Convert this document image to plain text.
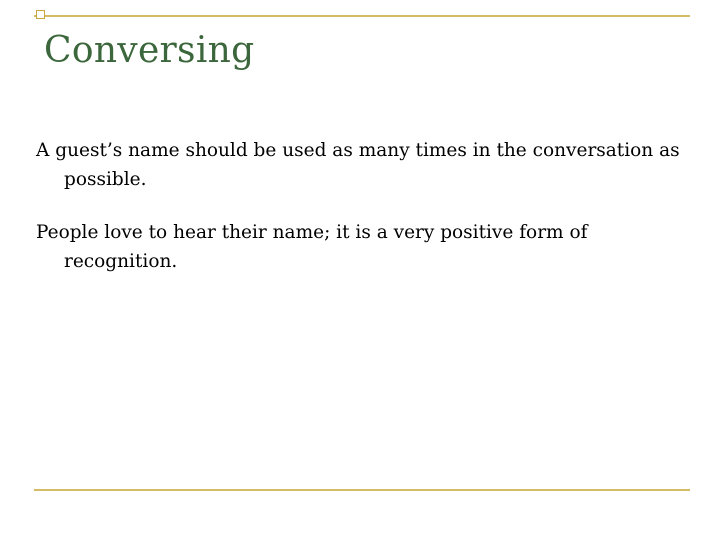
Conversing

A guest’s name should be used as many times in the conversation as possible.

People love to hear their name; it is a very positive form of recognition.
